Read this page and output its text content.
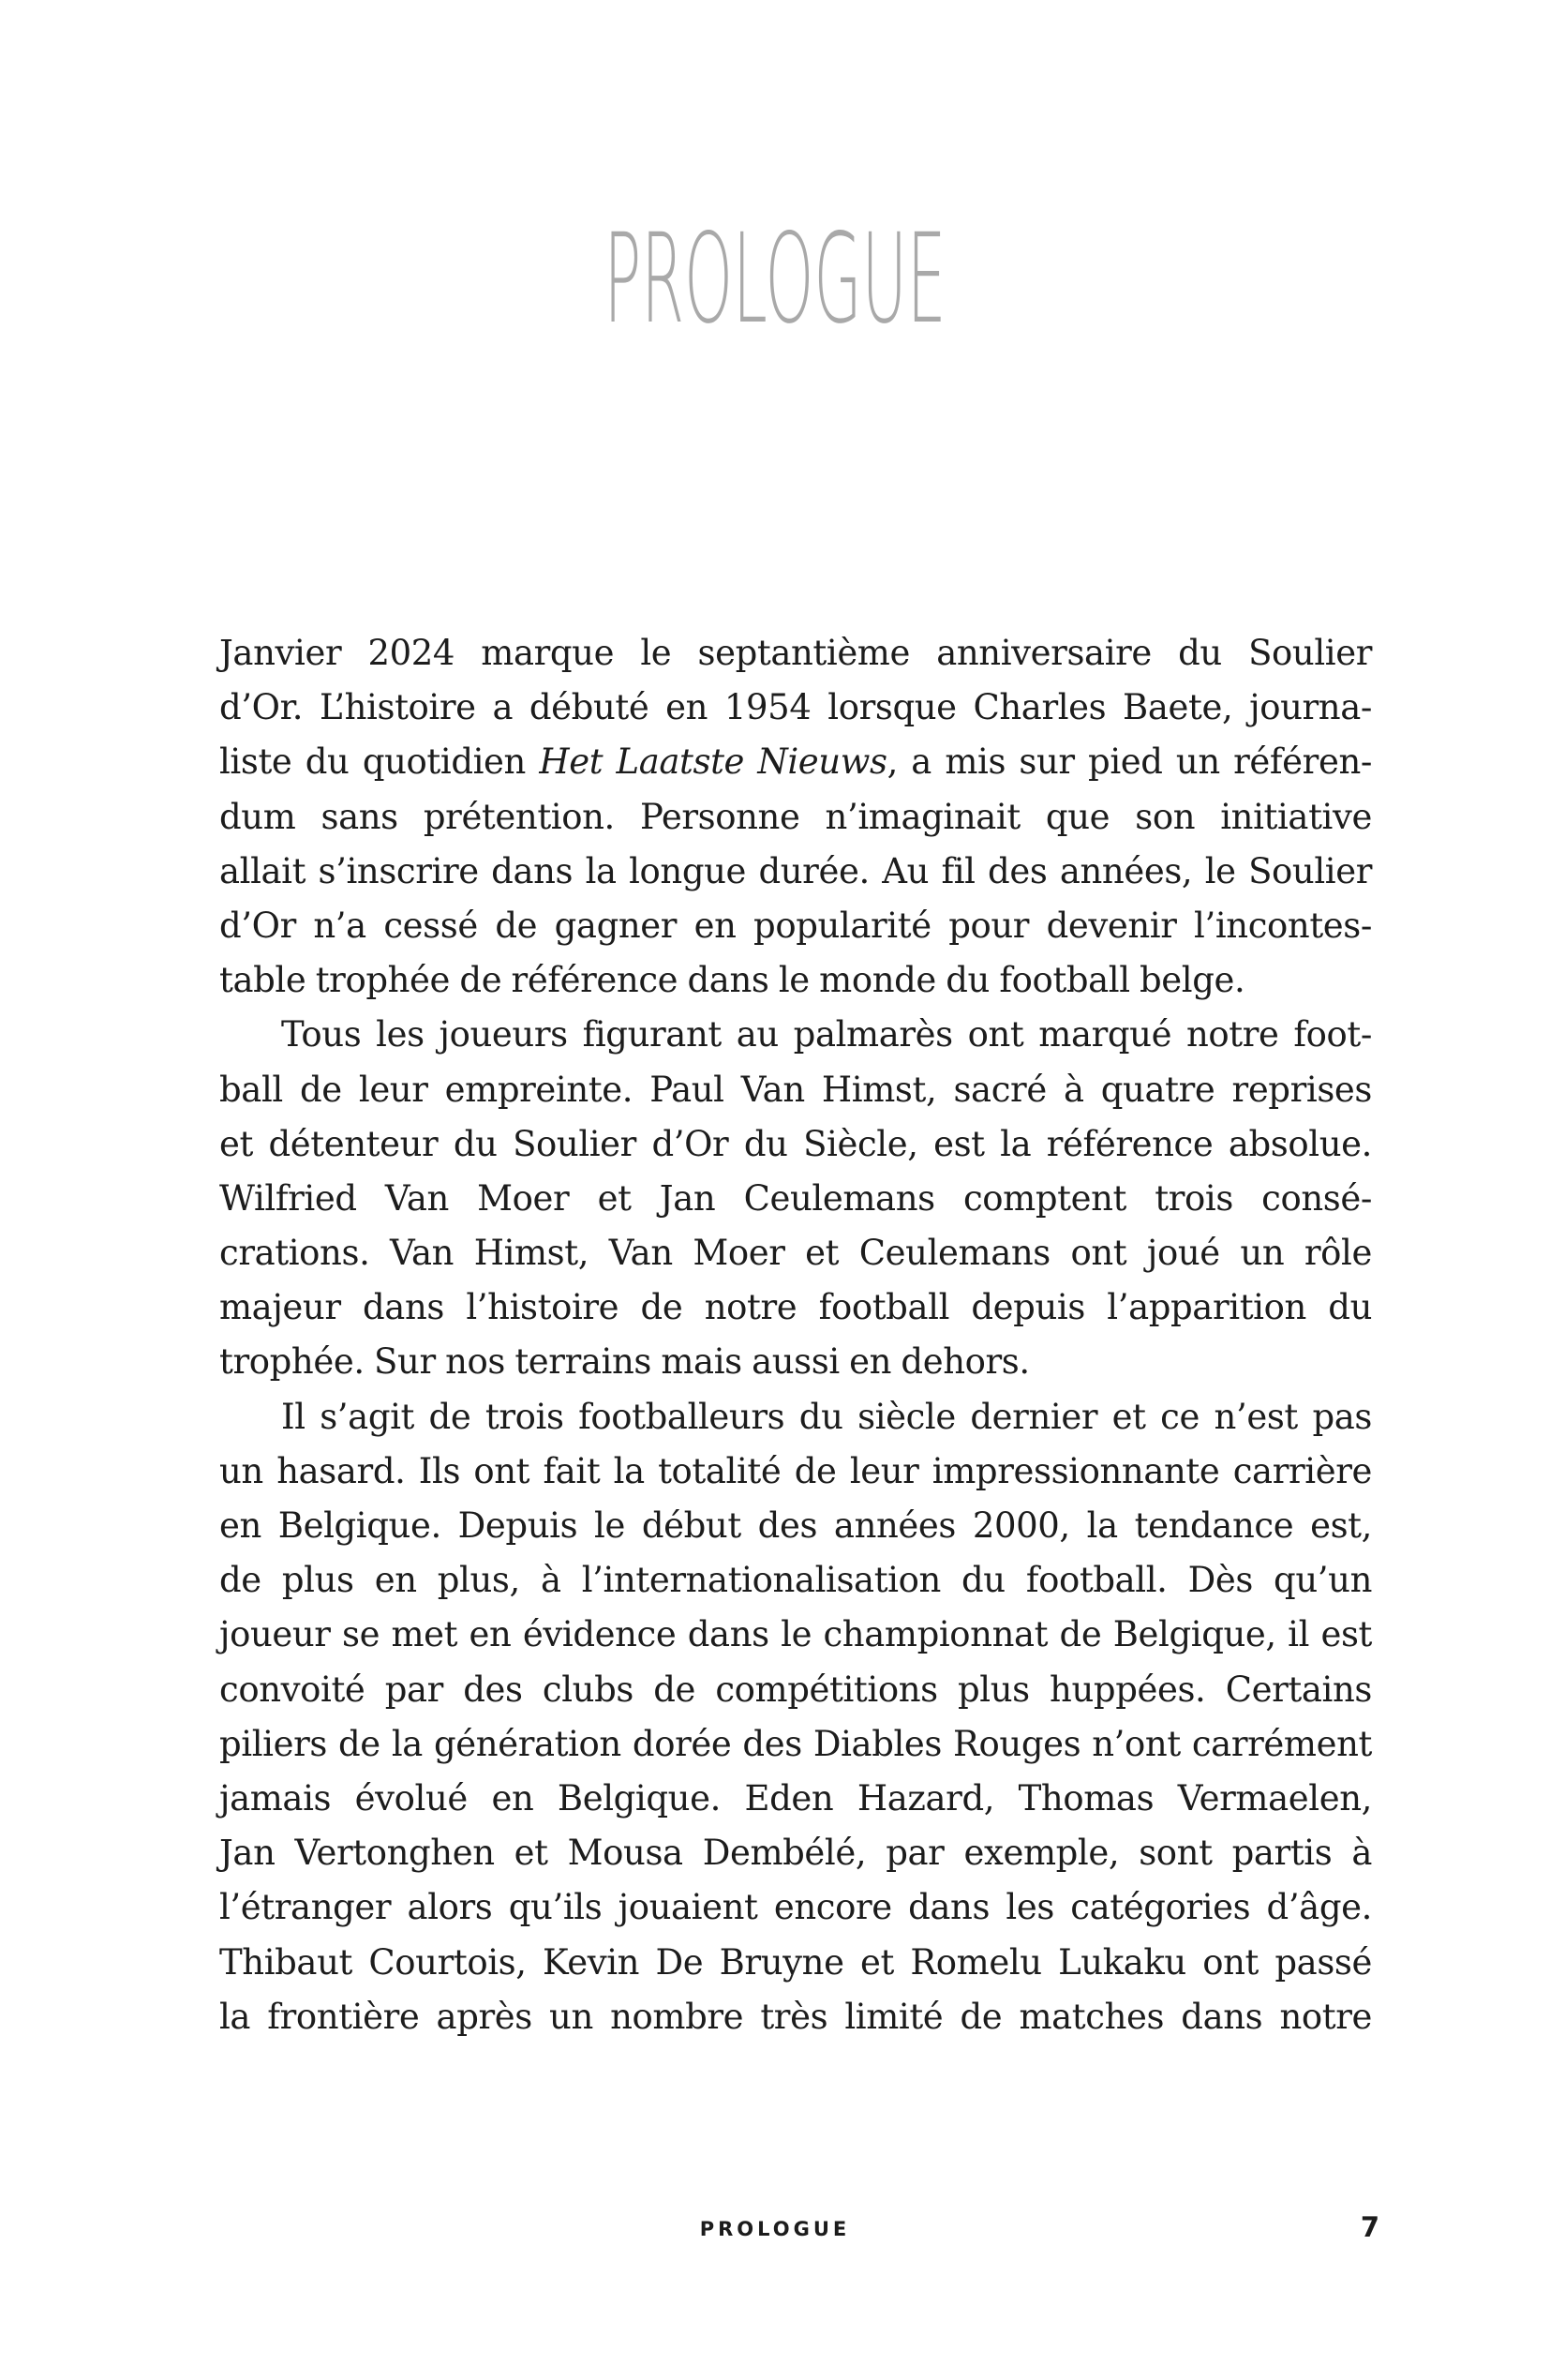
PROLOGUE
Janvier 2024 marque le septantième anniversaire du Soulier
d’Or. L’histoire a débuté en 1954 lorsque Charles Baete, journa-
liste du quotidien Het Laatste Nieuws, a mis sur pied un référen-
dum sans prétention. Personne n’imaginait que son initiative
allait s’inscrire dans la longue durée. Au fil des années, le Soulier
d’Or n’a cessé de gagner en popularité pour devenir l’incontes-
table trophée de référence dans le monde du football belge.
Tous les joueurs figurant au palmarès ont marqué notre foot-
ball de leur empreinte. Paul Van Himst, sacré à quatre reprises
et détenteur du Soulier d’Or du Siècle, est la référence absolue.
Wilfried Van Moer et Jan Ceulemans comptent trois consé-
crations. Van Himst, Van Moer et Ceulemans ont joué un rôle
majeur dans l’histoire de notre football depuis l’apparition du
trophée. Sur nos terrains mais aussi en dehors.
Il s’agit de trois footballeurs du siècle dernier et ce n’est pas
un hasard. Ils ont fait la totalité de leur impressionnante carrière
en Belgique. Depuis le début des années 2000, la tendance est,
de plus en plus, à l’internationalisation du football. Dès qu’un
joueur se met en évidence dans le championnat de Belgique, il est
convoité par des clubs de compétitions plus huppées. Certains
piliers de la génération dorée des Diables Rouges n’ont carrément
jamais évolué en Belgique. Eden Hazard, Thomas Vermaelen,
Jan Vertonghen et Mousa Dembélé, par exemple, sont partis à
l’étranger alors qu’ils jouaient encore dans les catégories d’âge.
Thibaut Courtois, Kevin De Bruyne et Romelu Lukaku ont passé
la frontière après un nombre très limité de matches dans notre
PROLOGUE	7
